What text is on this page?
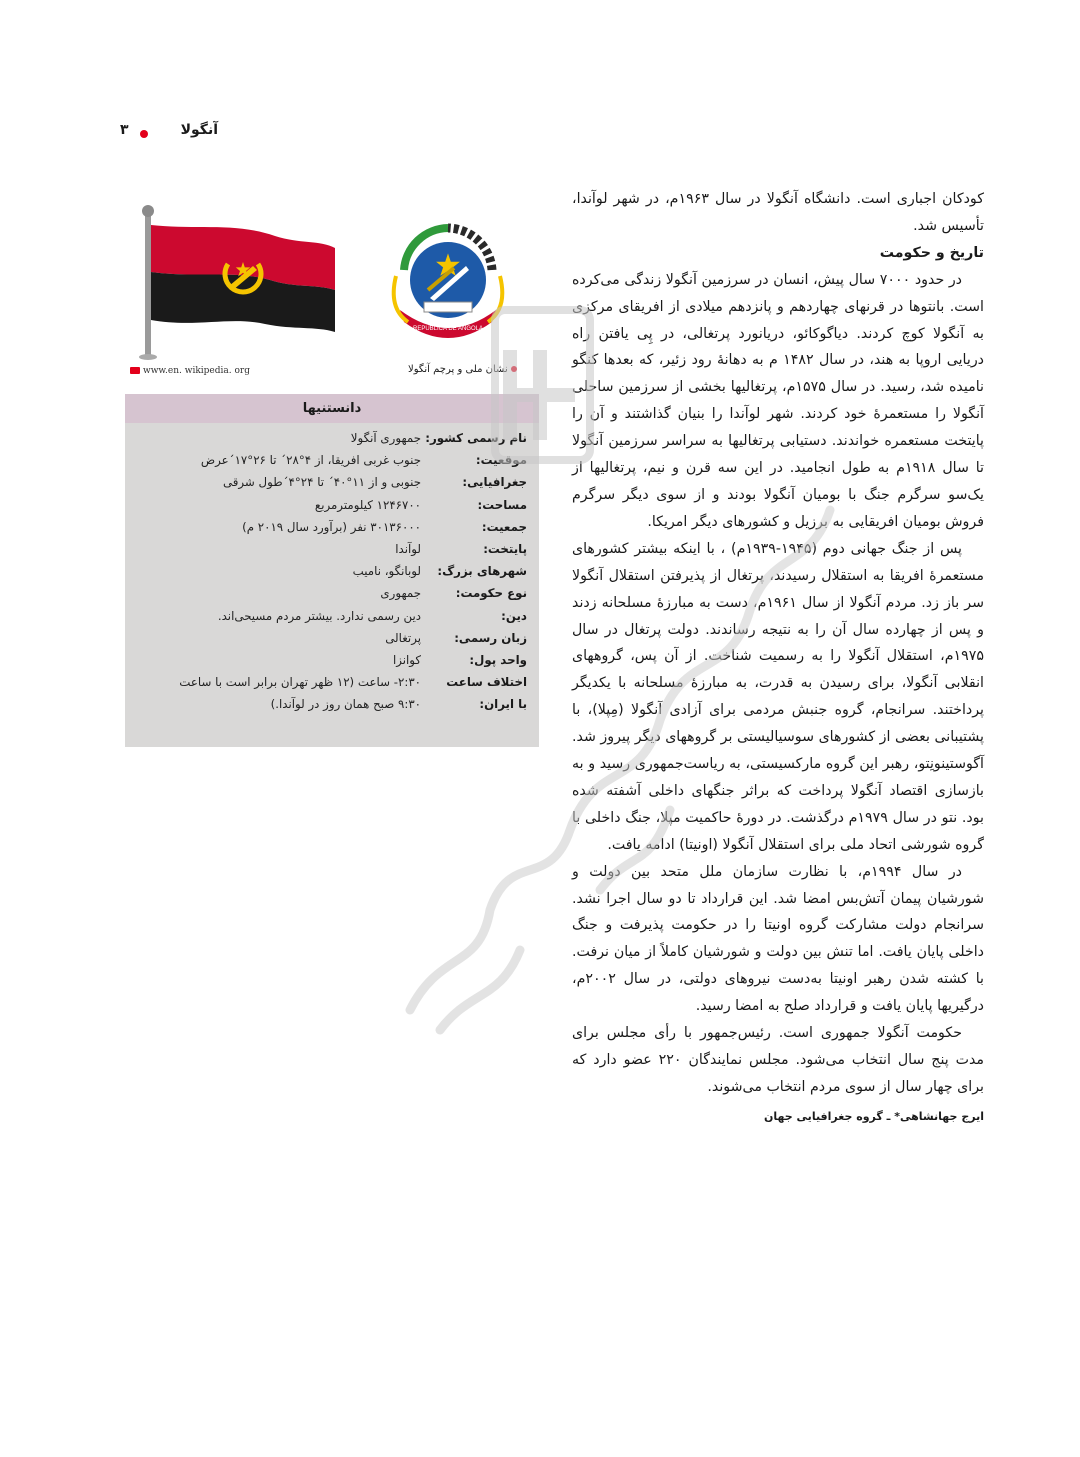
آنگولا
۳
REPUBLICA DE ANGOLA
www.en. wikipedia. org	نشان ملی و پرچم آنگولا
دانستنیها
نام رسمی کشور:
جمهوری آنگولا
موقعیت:
جنوب غربی افریقا، از ۴°۲۸´ تا ۲۶°۱۷´عرض
جغرافیایی:
جنوبی و از ۱۱°۴۰´ تا ۲۴°۴´طول شرقی
مساحت:
۱۲۴۶۷۰۰ کیلومترمربع
جمعیت:
۳۰۱۳۶۰۰۰ نفر (برآورد سال ۲۰۱۹ م)
پایتخت:
لوآندا
شهرهای بزرگ:
لوبانگو، نامیب
نوع حکومت:
جمهوری
دین:
دین رسمی ندارد. بیشتر مردم مسیحی‌اند.
زبان رسمی:
پرتغالی
واحد پول:
کوانزا
اختلاف ساعت
۲:۳۰- ساعت (۱۲ ظهر تهران برابر است با ساعت
با ایران:
۹:۳۰ صبح همان روز در لوآندا.)

کودکان اجباری است. دانشگاه آنگولا در سال ۱۹۶۳م، در شهر لوآندا، تأسیس شد.

تاریخ و حکومت

در حدود ۷۰۰۰ سال پیش، انسان در سرزمین آنگولا زندگی می‌کرده است. بانتوها در قرنهای چهاردهم و پانزدهم میلادی از افریقای مرکزی به آنگولا کوچ کردند. دیاگوکائو، دریانورد پرتغالی، در پِی یافتن راه دریایی اروپا به هند، در سال ۱۴۸۲ م به دهانهٔ رود زئیر، که بعدها کنگو نامیده شد، رسید. در سال ۱۵۷۵م، پرتغالیها بخشی از سرزمین ساحلی آنگولا را مستعمرهٔ خود کردند. شهر لوآندا را بنیان گذاشتند و آن را پایتخت مستعمره خواندند. دستیابی پرتغالیها به سراسر سرزمین آنگولا تا سال ۱۹۱۸م به طول انجامید. در این سه قرن و نیم، پرتغالیها از یک‌سو سرگرم جنگ با بومیان آنگولا بودند و از سوی دیگر سرگرم فروش بومیان افریقایی به برزیل و کشورهای دیگر امریکا.

پس از جنگ جهانی دوم (۱۹۴۵-۱۹۳۹م) ، با اینکه بیشتر کشورهای مستعمرهٔ افریقا به استقلال رسیدند، پرتغال از پذیرفتن استقلال آنگولا سر باز زد. مردم آنگولا از سال ۱۹۶۱م، دست به مبارزهٔ مسلحانه زدند و پس از چهارده سال آن را به نتیجه رساندند. دولت پرتغال در سال ۱۹۷۵م، استقلال آنگولا را به رسمیت شناخت. از آن پس، گروههای انقلابی آنگولا، برای رسیدن به قدرت، به مبارزهٔ مسلحانه با یکدیگر پرداختند. سرانجام، گروه جنبش مردمی برای آزادی آنگولا (مِپلا)، با پشتیبانی بعضی از کشورهای سوسیالیستی بر گروههای دیگر پیروز شد. آگوستینونِتو، رهبر این گروه مارکسیستی، به ریاست‌جمهوری رسید و به بازسازی اقتصاد آنگولا پرداخت که براثر جنگهای داخلی آشفته شده بود. نتو در سال ۱۹۷۹م درگذشت. در دورهٔ حاکمیت مپلا، جنگ داخلی با گروه شورشی اتحاد ملی برای استقلال آنگولا (اونیتا) ادامه یافت.

در سال ۱۹۹۴م، با نظارت سازمان ملل متحد بین دولت و شورشیان پیمان آتش‌بس امضا شد. این قرارداد تا دو سال اجرا نشد. سرانجام دولت مشارکت گروه اونیتا را در حکومت پذیرفت و جنگ داخلی پایان یافت. اما تنش بین دولت و شورشیان کاملاً از میان نرفت. با کشته شدن رهبر اونیتا به‌دست نیروهای دولتی، در سال ۲۰۰۲م، درگیریها پایان یافت و قرارداد صلح به امضا رسید.

حکومت آنگولا جمهوری است. رئیس‌جمهور با رأی مجلس برای مدت پنج سال انتخاب می‌شود. مجلس نمایندگان ۲۲۰ عضو دارد که برای چهار سال از سوی مردم انتخاب می‌شوند.

ایرج جهانشاهی* ـ گروه جغرافیایی جهان
